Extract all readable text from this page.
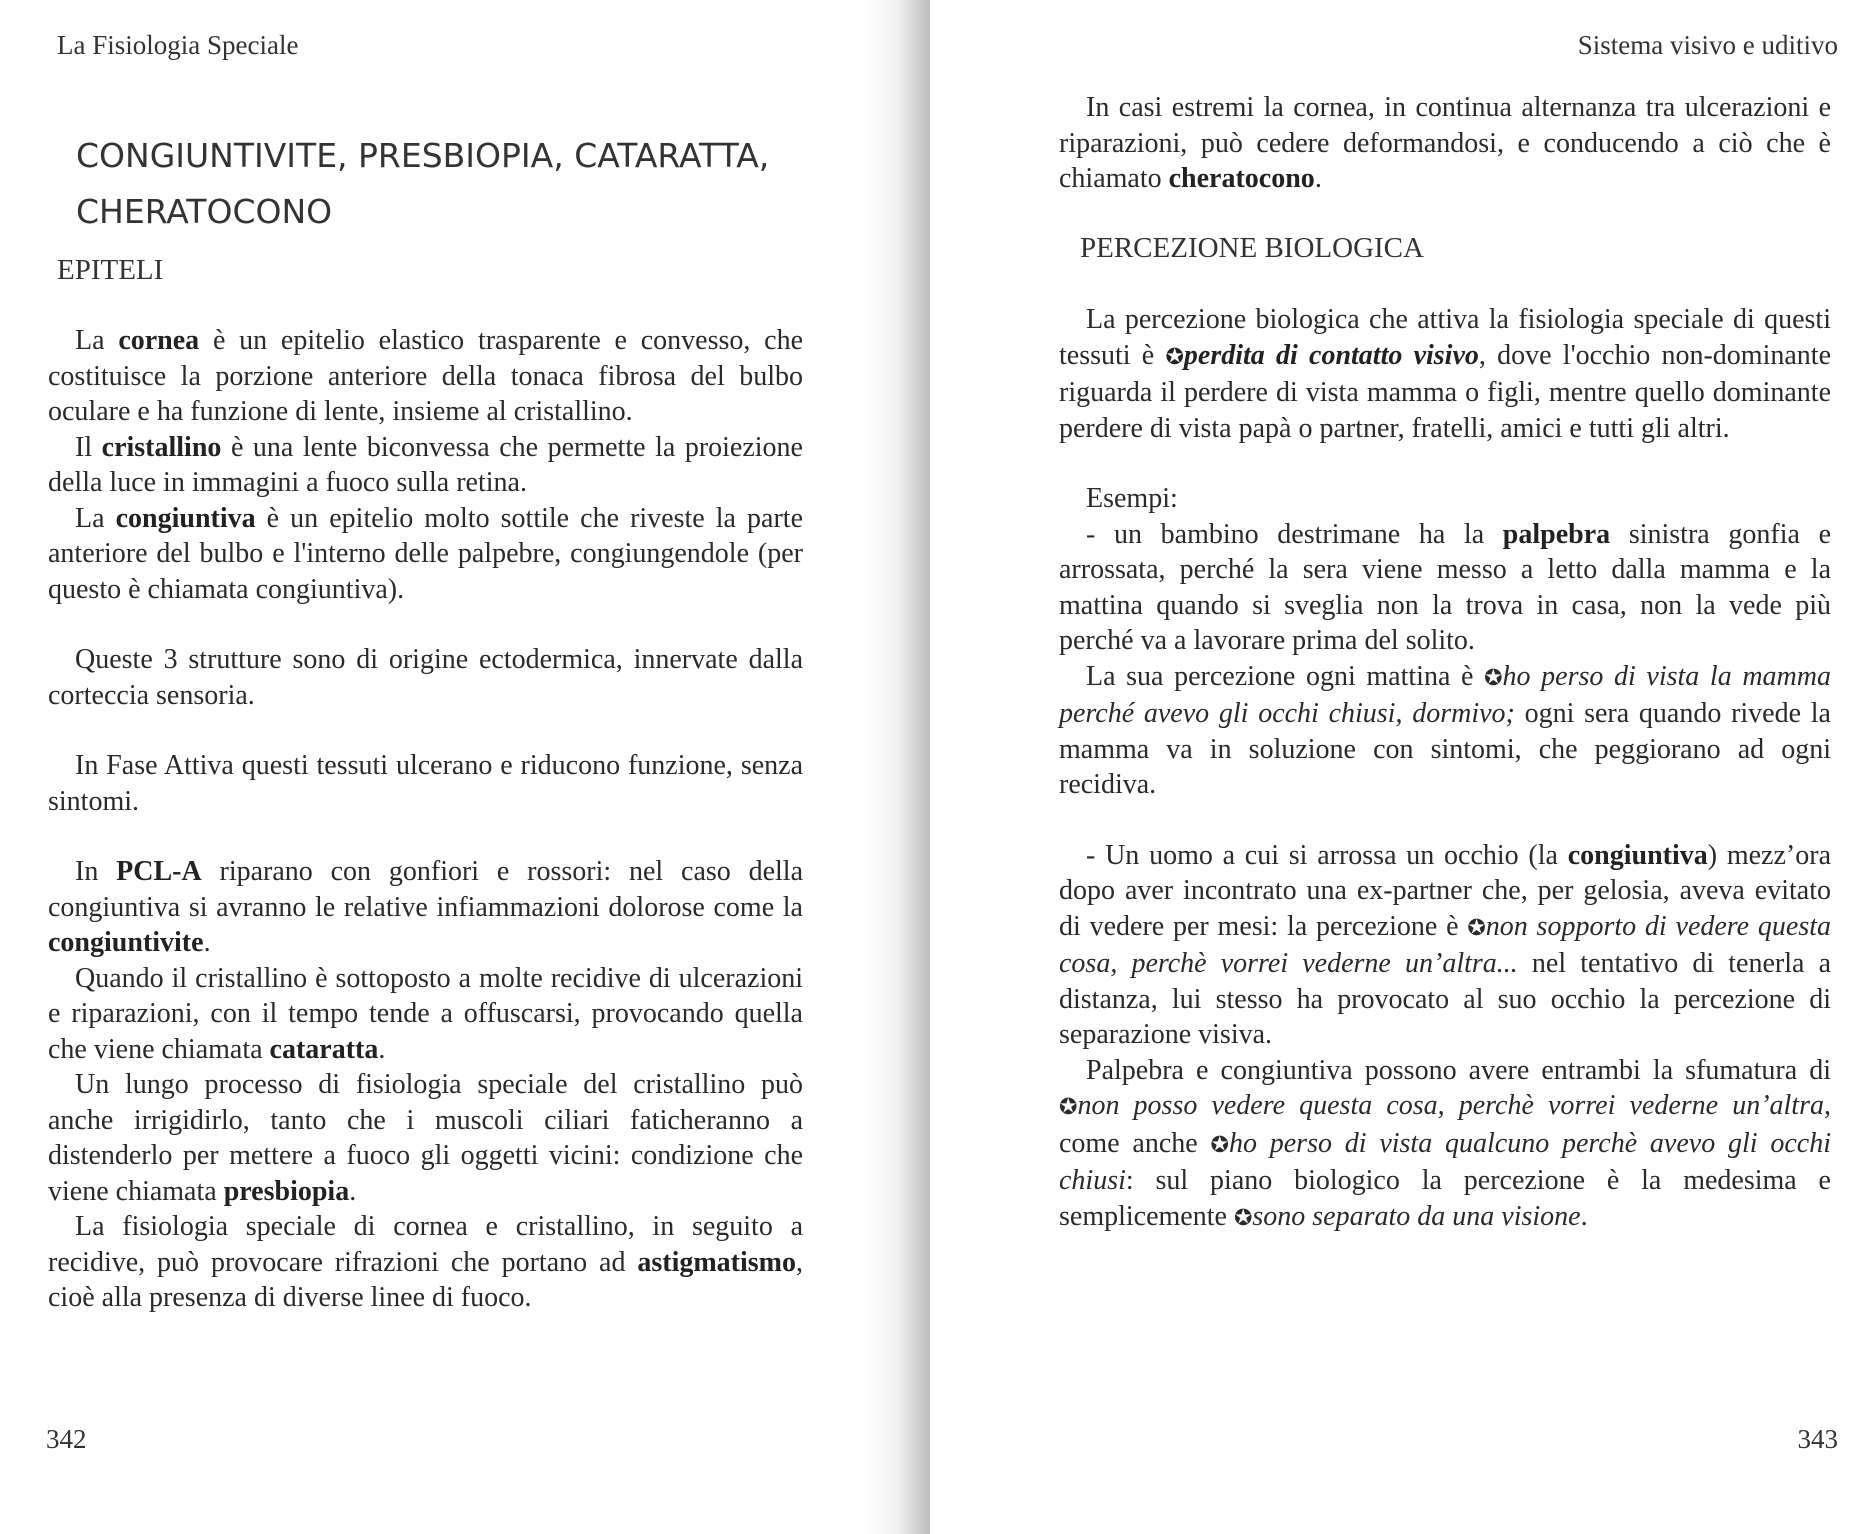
La Fisiologia Speciale
CONGIUNTIVITE, PRESBIOPIA, CATARATTA,
CHERATOCONO
EPITELI

La cornea è un epitelio elastico trasparente e convesso, che costituisce la porzione anteriore della tonaca fibrosa del bulbo oculare e ha funzione di lente, insieme al cristallino.

Il cristallino è una lente biconvessa che permette la proiezione della luce in immagini a fuoco sulla retina.

La congiuntiva è un epitelio molto sottile che riveste la parte anteriore del bulbo e l'interno delle palpebre, congiungendole (per questo è chiamata congiuntiva).

Queste 3 strutture sono di origine ectodermica, innervate dalla corteccia sensoria.

In Fase Attiva questi tessuti ulcerano e riducono funzione, senza sintomi.

In PCL-A riparano con gonfiori e rossori: nel caso della congiuntiva si avranno le relative infiammazioni dolorose come la congiuntivite.

Quando il cristallino è sottoposto a molte recidive di ulcerazioni e riparazioni, con il tempo tende a offuscarsi, provocando quella che viene chiamata cataratta.

Un lungo processo di fisiologia speciale del cristallino può anche irrigidirlo, tanto che i muscoli ciliari faticheranno a distenderlo per mettere a fuoco gli oggetti vicini: condizione che viene chiamata presbiopia.

La fisiologia speciale di cornea e cristallino, in seguito a recidive, può provocare rifrazioni che portano ad astigmatismo, cioè alla presenza di diverse linee di fuoco.

342
Sistema visivo e uditivo

In casi estremi la cornea, in continua alternanza tra ulcerazioni e riparazioni, può cedere deformandosi, e conducendo a ciò che è chiamato cheratocono.

PERCEZIONE BIOLOGICA

La percezione biologica che attiva la fisiologia speciale di questi tessuti è ✪perdita di contatto visivo, dove l'occhio non-dominante riguarda il perdere di vista mamma o figli, mentre quello dominante perdere di vista papà o partner, fratelli, amici e tutti gli altri.

Esempi:

- un bambino destrimane ha la palpebra sinistra gonfia e arrossata, perché la sera viene messo a letto dalla mamma e la mattina quando si sveglia non la trova in casa, non la vede più perché va a lavorare prima del solito.

La sua percezione ogni mattina è ✪ho perso di vista la mamma perché avevo gli occhi chiusi, dormivo; ogni sera quando rivede la mamma va in soluzione con sintomi, che peggiorano ad ogni recidiva.

- Un uomo a cui si arrossa un occhio (la congiuntiva) mezz’ora dopo aver incontrato una ex-partner che, per gelosia, aveva evitato di vedere per mesi: la percezione è ✪non sopporto di vedere questa cosa, perchè vorrei vederne un’altra... nel tentativo di tenerla a distanza, lui stesso ha provocato al suo occhio la percezione di separazione visiva.

Palpebra e congiuntiva possono avere entrambi la sfumatura di ✪non posso vedere questa cosa, perchè vorrei vederne un’altra, come anche ✪ho perso di vista qualcuno perchè avevo gli occhi chiusi: sul piano biologico la percezione è la medesima e semplicemente ✪sono separato da una visione.

343
